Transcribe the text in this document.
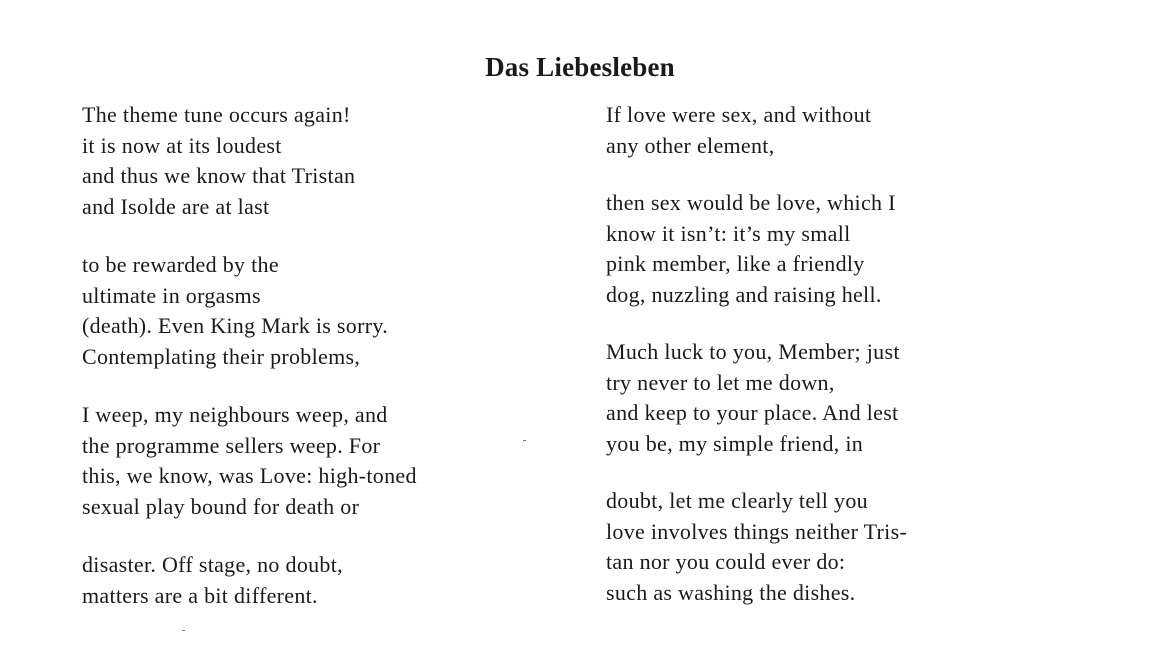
Das Liebesleben
The theme tune occurs again!
it is now at its loudest
and thus we know that Tristan
and Isolde are at last
to be rewarded by the
ultimate in orgasms
(death). Even King Mark is sorry.
Contemplating their problems,
I weep, my neighbours weep, and
the programme sellers weep. For
this, we know, was Love: high-toned
sexual play bound for death or
disaster. Off stage, no doubt,
matters are a bit different.
If love were sex, and without
any other element,
then sex would be love, which I
know it isn’t: it’s my small
pink member, like a friendly
dog, nuzzling and raising hell.
Much luck to you, Member; just
try never to let me down,
and keep to your place. And lest
you be, my simple friend, in
doubt, let me clearly tell you
love involves things neither Tris-
tan nor you could ever do:
such as washing the dishes.
